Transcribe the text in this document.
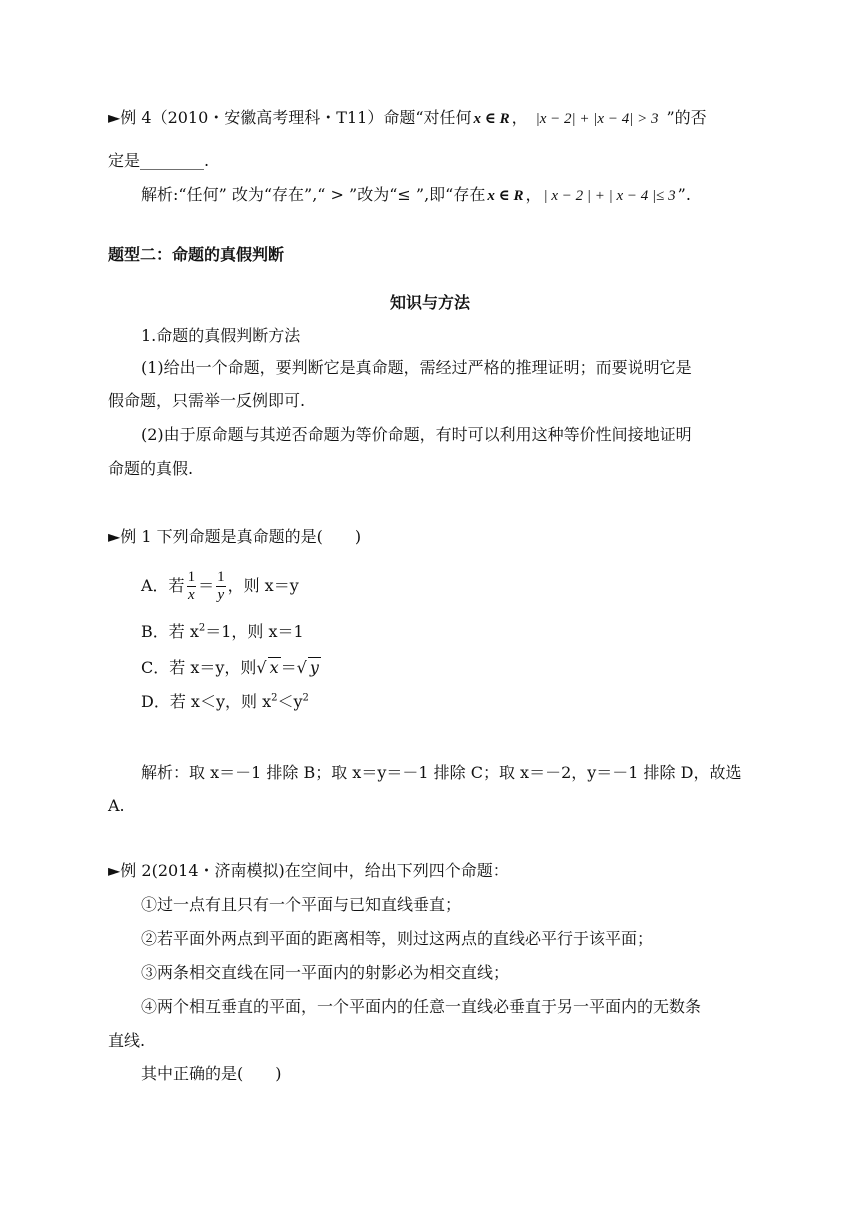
►例 4（2010・安徽高考理科・T11）命题“对任何 x ∈ R ， |x − 2| + |x − 4| > 3 ”的否
定是________.
解析:“任何” 改为“存在”,“ > ”改为“≤ ”,即“存在 x ∈ R ， | x − 2 | + | x − 4 |≤ 3 ”.
题型二：命题的真假判断
知识与方法
1.命题的真假判断方法
(1)给出一个命题，要判断它是真命题，需经过严格的推理证明；而要说明它是
假命题，只需举一反例即可.
(2)由于原命题与其逆否命题为等价命题，有时可以利用这种等价性间接地证明
命题的真假.
►例 1 下列命题是真命题的是(　　)
A．若 $\frac{1}{x} = \frac{1}{y}$ ，则 x＝y
B．若 $x^2=1$，则 x＝1
C．若 x＝y，则√ x ＝√ y
D．若 x＜y，则 $x^2<y^2$
解析：取 x＝－1 排除 B；取 x＝y＝－1 排除 C；取 x＝－2，y＝－1 排除 D，故选
A.
►例 2(2014・济南模拟)在空间中，给出下列四个命题：
①过一点有且只有一个平面与已知直线垂直；
②若平面外两点到平面的距离相等，则过这两点的直线必平行于该平面；
③两条相交直线在同一平面内的射影必为相交直线；
④两个相互垂直的平面，一个平面内的任意一直线必垂直于另一平面内的无数条
直线.
其中正确的是(　　)
